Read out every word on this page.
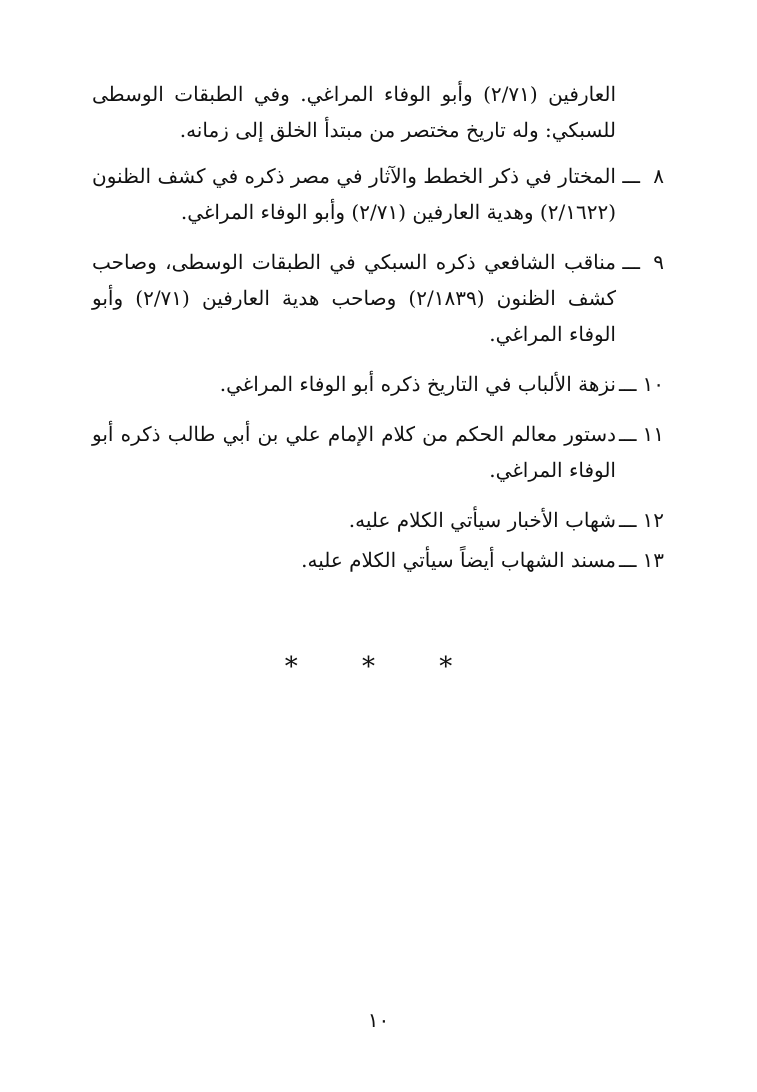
العارفين (٢/٧١) وأبو الوفاء المراغي. وفي الطبقات الوسطى للسبكي: وله تاريخ مختصر من مبتدأ الخلق إلى زمانه.

٨ـــ
المختار في ذكر الخطط والآثار في مصر ذكره في كشف الظنون (٢/١٦٢٢) وهدية العارفين (٢/٧١) وأبو الوفاء المراغي.
٩ـــ
مناقب الشافعي ذكره السبكي في الطبقات الوسطى، وصاحب كشف الظنون (٢/١٨٣٩) وصاحب هدية العارفين (٢/٧١) وأبو الوفاء المراغي.
١٠ـــ
نزهة الألباب في التاريخ ذكره أبو الوفاء المراغي.
١١ـــ
دستور معالم الحكم من كلام الإمام علي بن أبي طالب ذكره أبو الوفاء المراغي.
١٢ـــ
شهاب الأخبار سيأتي الكلام عليه.
١٣ـــ
مسند الشهاب أيضاً سيأتي الكلام عليه.
* * *
١٠
